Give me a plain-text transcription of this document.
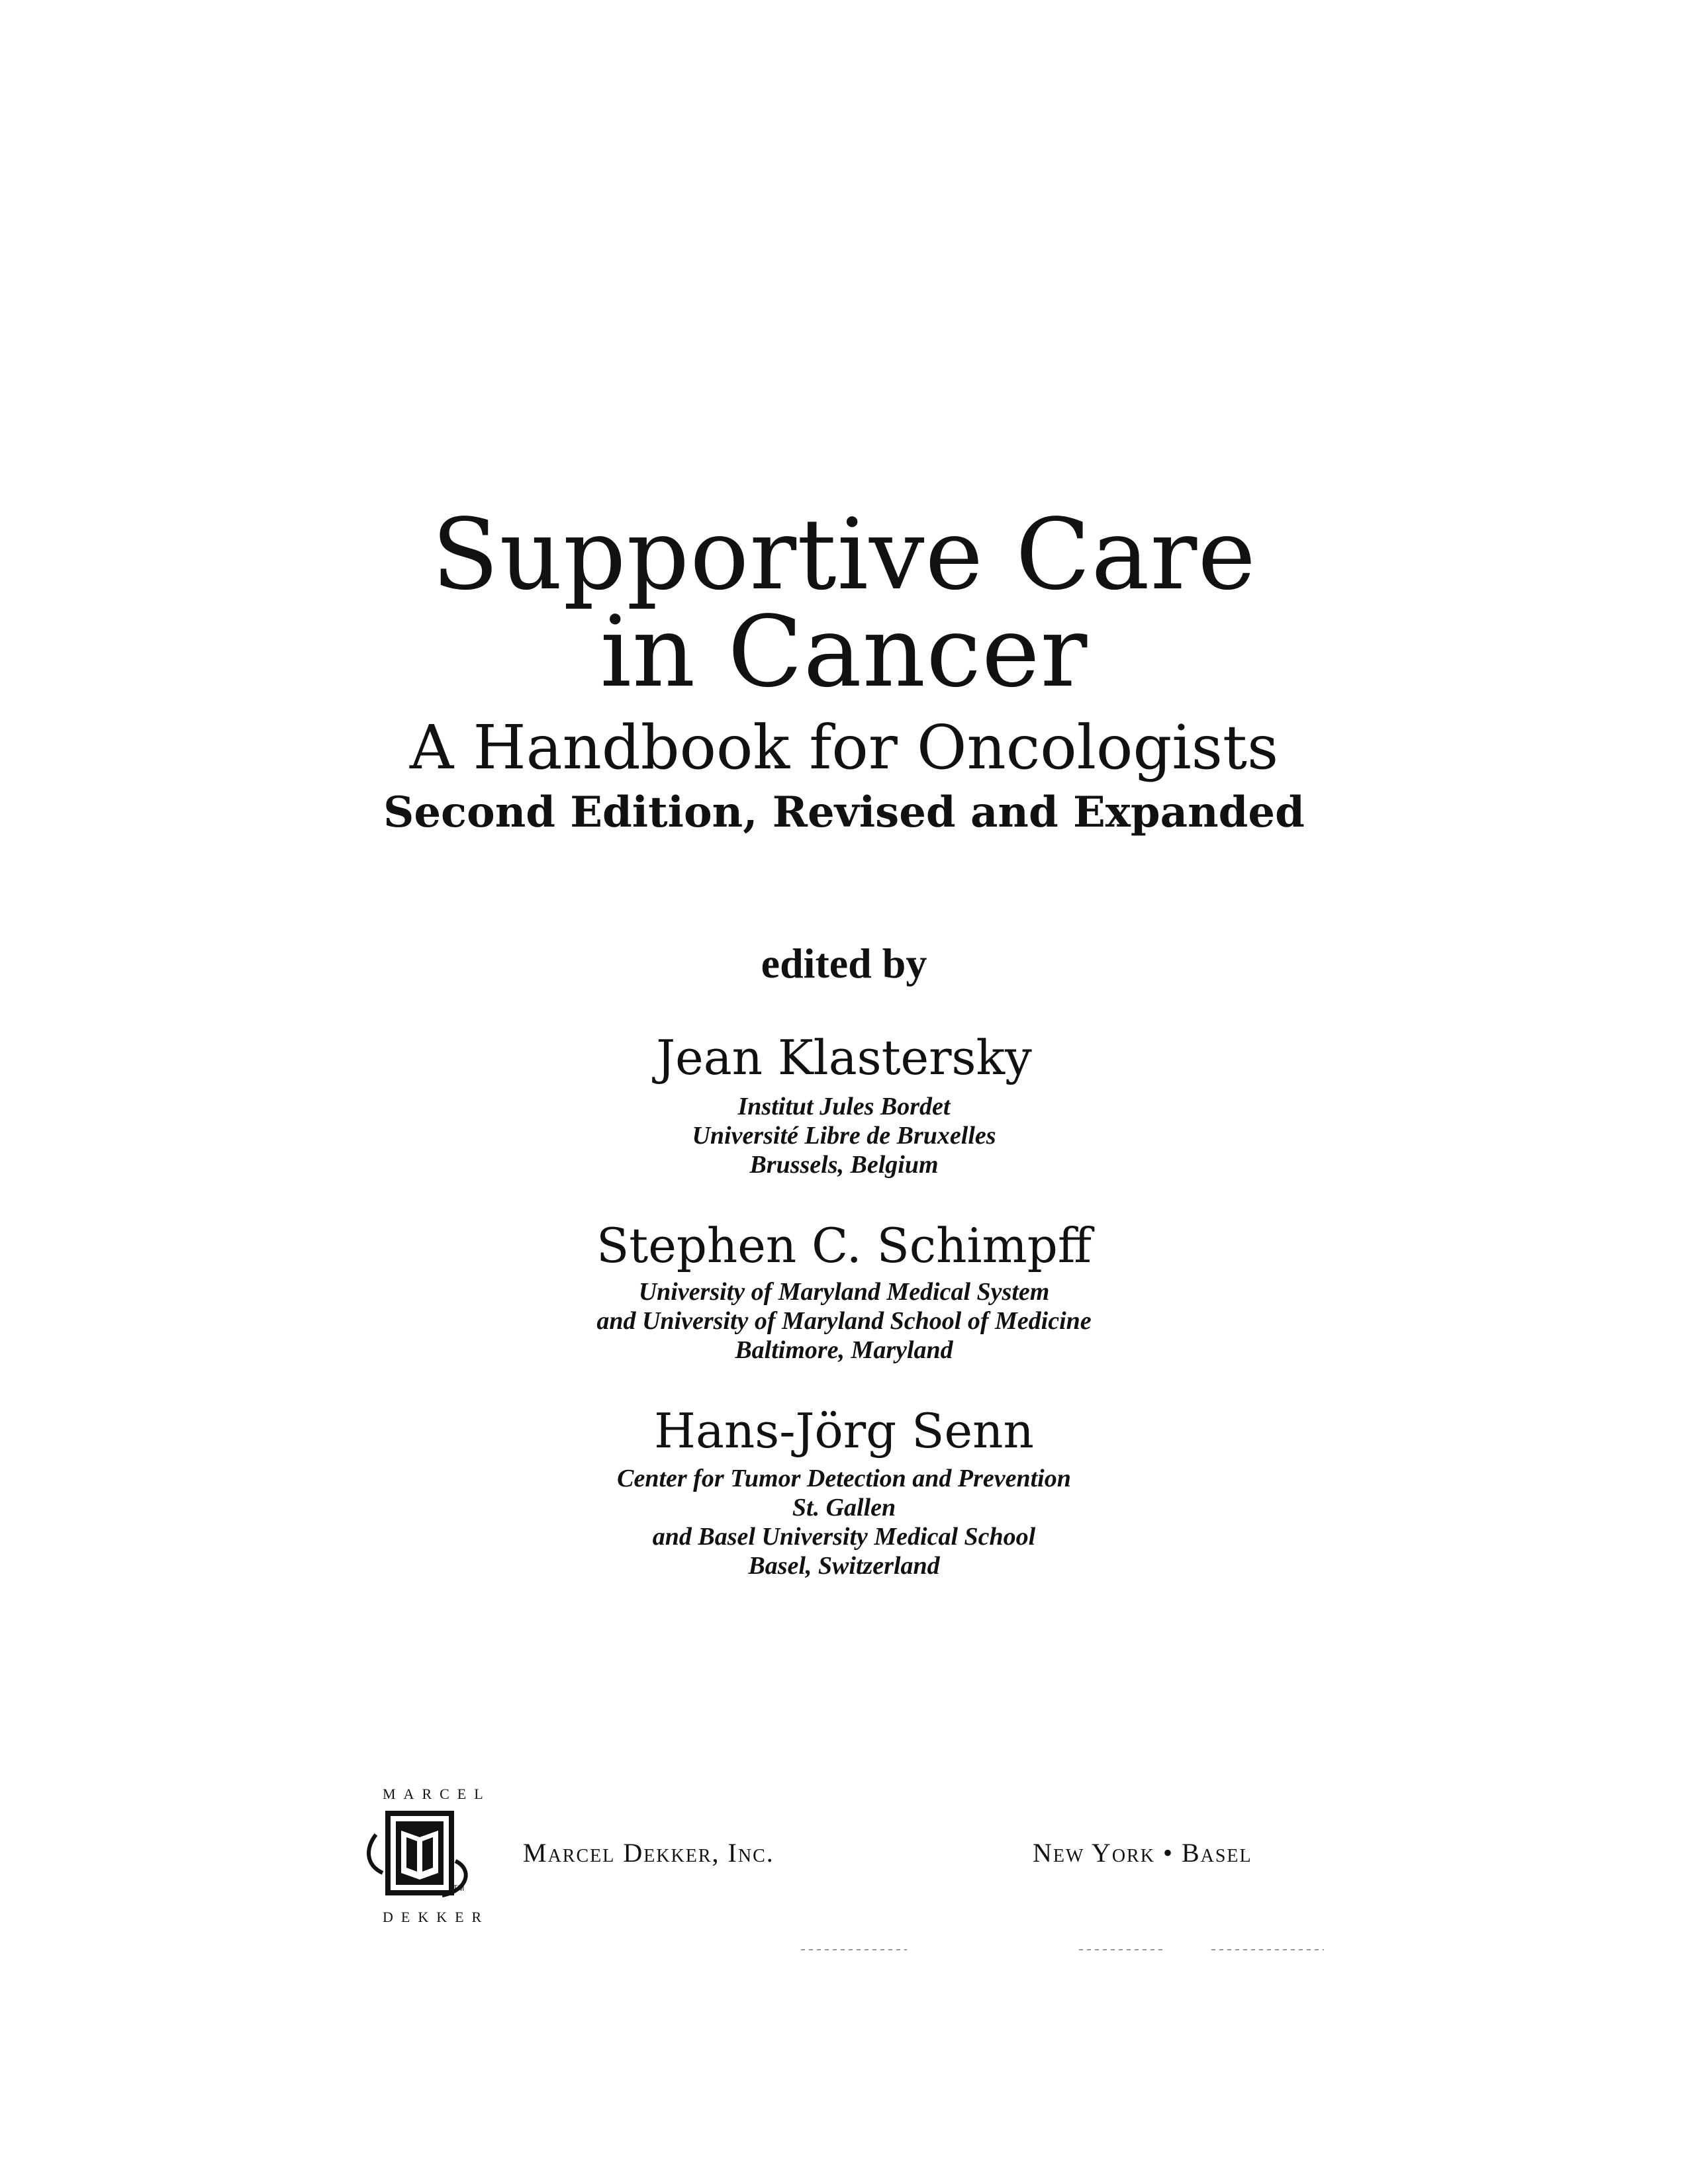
Supportive Care
in Cancer
A Handbook for Oncologists
Second Edition, Revised and Expanded
edited by
Jean Klastersky
Institut Jules Bordet
Université Libre de Bruxelles
Brussels, Belgium
Stephen C. Schimpff
University of Maryland Medical System
and University of Maryland School of Medicine
Baltimore, Maryland
Hans-Jörg Senn
Center for Tumor Detection and Prevention
St. Gallen
and Basel University Medical School
Basel, Switzerland
MARCEL
TM
DEKKER
Marcel Dekker, Inc.	New York • Basel
